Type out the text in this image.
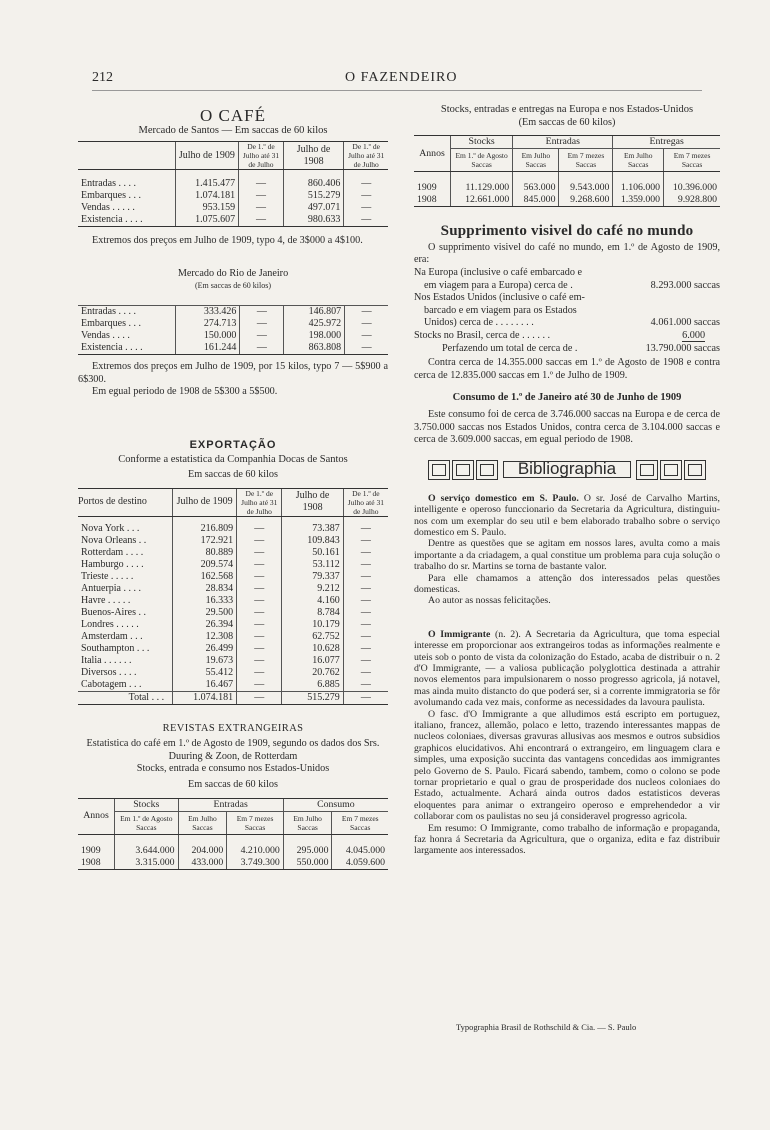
212	O FAZENDEIRO
O CAFÉ
Mercado de Santos — Em saccas de 60 kilos
	Julho de 1909	De 1.º de Julho até 31 de Julho	Julho de 1908	De 1.º de Julho até 31 de Julho

Entradas . . . .	1.415.477	—	860.406	—
Embarques . . .	1.074.181	—	515.279	—
Vendas . . . . .	953.159	—	497.071	—
Existencia . . . .	1.075.607	—	980.633	—

Extremos dos preços em Julho de 1909, typo 4, de 3$000 a 4$100.

Mercado do Rio de Janeiro
(Em saccas de 60 kilos)
Entradas . . . .	333.426	—	146.807	—
Embarques . . .	274.713	—	425.972	—
Vendas . . . .	150.000	—	198.000	—
Existencia . . . .	161.244	—	863.808	—

Extremos dos preços em Julho de 1909, por 15 kilos, typo 7 — 5$900 a 6$300.

Em egual periodo de 1908 de 5$300 a 5$500.

EXPORTAÇÃO
Conforme a estatistica da Companhia Docas de Santos
Em saccas de 60 kilos
Portos de destino	Julho de 1909	De 1.º de Julho até 31 de Julho	Julho de 1908	De 1.º de Julho até 31 de Julho

Nova York . . .	216.809	—	73.387	—
Nova Orleans . .	172.921	—	109.843	—
Rotterdam . . . .	80.889	—	50.161	—
Hamburgo . . . .	209.574	—	53.112	—
Trieste . . . . .	162.568	—	79.337	—
Antuerpia . . . .	28.834	—	9.212	—
Havre . . . . .	16.333	—	4.160	—
Buenos-Aires . .	29.500	—	8.784	—
Londres . . . . .	26.394	—	10.179	—
Amsterdam . . .	12.308	—	62.752	—
Southampton . . .	26.499	—	10.628	—
Italia . . . . . .	19.673	—	16.077	—
Diversos . . . .	55.412	—	20.762	—
Cabotagem . . .	16.467	—	6.885	—
Total . . .	1.074.181	—	515.279	—
REVISTAS EXTRANGEIRAS
Estatistica do café em 1.º de Agosto de 1909, segundo os dados dos Srs. Duuring & Zoon, de Rotterdam
Stocks, entrada e consumo nos Estados-Unidos
Em saccas de 60 kilos
Annos	Stocks	Entradas		Consumo	
	Em 1.º de Agosto Saccas	Em Julho Saccas	Em 7 mezes Saccas	Em Julho Saccas	Em 7 mezes Saccas

1909	3.644.000	204.000	4.210.000	295.000	4.045.000
1908	3.315.000	433.000	3.749.300	550.000	4.059.600
Stocks, entradas e entregas na Europa e nos Estados-Unidos
(Em saccas de 60 kilos)
Annos	Stocks	Entradas		Entregas	
	Em 1.º de Agosto Saccas	Em Julho Saccas	Em 7 mezes Saccas	Em Julho Saccas	Em 7 mezes Saccas

1909	11.129.000	563.000	9.543.000	1.106.000	10.396.000
1908	12.661.000	845.000	9.268.600	1.359.000	9.928.800
Supprimento visivel do café no mundo

O supprimento visivel do café no mundo, em 1.º de Agosto de 1909, era:

Na Europa (inclusive o café embarcado e	
em viagem para a Europa) cerca de .	8.293.000 saccas
Nos Estados Unidos (inclusive o café em-	
barcado e em viagem para os Estados	
Unidos) cerca de . . . . . . . .	4.061.000 saccas
Stocks no Brasil, cerca de . . . . . .	6.000
Perfazendo um total de cerca de .	13.790.000 saccas

Contra cerca de 14.355.000 saccas em 1.º de Agosto de 1908 e contra cerca de 12.835.000 saccas em 1.º de Julho de 1909.

Consumo de 1.º de Janeiro até 30 de Junho de 1909

Este consumo foi de cerca de 3.746.000 saccas na Europa e de cerca de 3.750.000 saccas nos Estados Unidos, contra cerca de 3.104.000 saccas e cerca de 3.609.000 saccas, em egual periodo de 1908.

Bibliographia

O serviço domestico em S. Paulo. O sr. José de Carvalho Martins, intelligente e operoso funccionario da Secretaria da Agricultura, distinguiu-nos com um exemplar do seu util e bem elaborado trabalho sobre o serviço domestico em S. Paulo.

Dentre as questões que se agitam em nossos lares, avulta como a mais importante a da criadagem, a qual constitue um problema para cuja solução o trabalho do sr. Martins se torna de bastante valor.

Para elle chamamos a attenção dos interessados pelas questões domesticas.

Ao autor as nossas felicitações.

O Immigrante (n. 2). A Secretaria da Agricultura, que toma especial interesse em proporcionar aos extrangeiros todas as informações realmente e uteis sob o ponto de vista da colonização do Estado, acaba de distribuir o n. 2 d'O Immigrante, — a valiosa publicação polyglottica destinada a attrahir novos elementos para impulsionarem o nosso progresso agricola, já notavel, mas ainda muito distancto do que poderá ser, si a corrente immigratoria se fôr avolumando cada vez mais, conforme as necessidades da lavoura paulista.

O fasc. d'O Immigrante a que alludimos está escripto em portuguez, italiano, francez, allemão, polaco e letto, trazendo interessantes mappas de nucleos coloniaes, diversas gravuras allusivas aos mesmos e outros subsidios graphicos elucidativos. Ahi encontrará o extrangeiro, em linguagem clara e simples, uma exposição succinta das vantagens concedidas aos immigrantes pelo Governo de S. Paulo. Ficará sabendo, tambem, como o colono se pode tornar proprietario e qual o grau de prosperidade dos nucleos coloniaes do Estado, actualmente. Achará ainda outros dados estatisticos deveras eloquentes para animar o extrangeiro operoso e emprehendedor a vir collaborar com os paulistas no seu já consideravel progresso agricola.

Em resumo: O Immigrante, como trabalho de informação e propaganda, faz honra á Secretaria da Agricultura, que o organiza, edita e faz distribuir largamente aos interessados.

Typographia Brasil de Rothschild & Cia. — S. Paulo
